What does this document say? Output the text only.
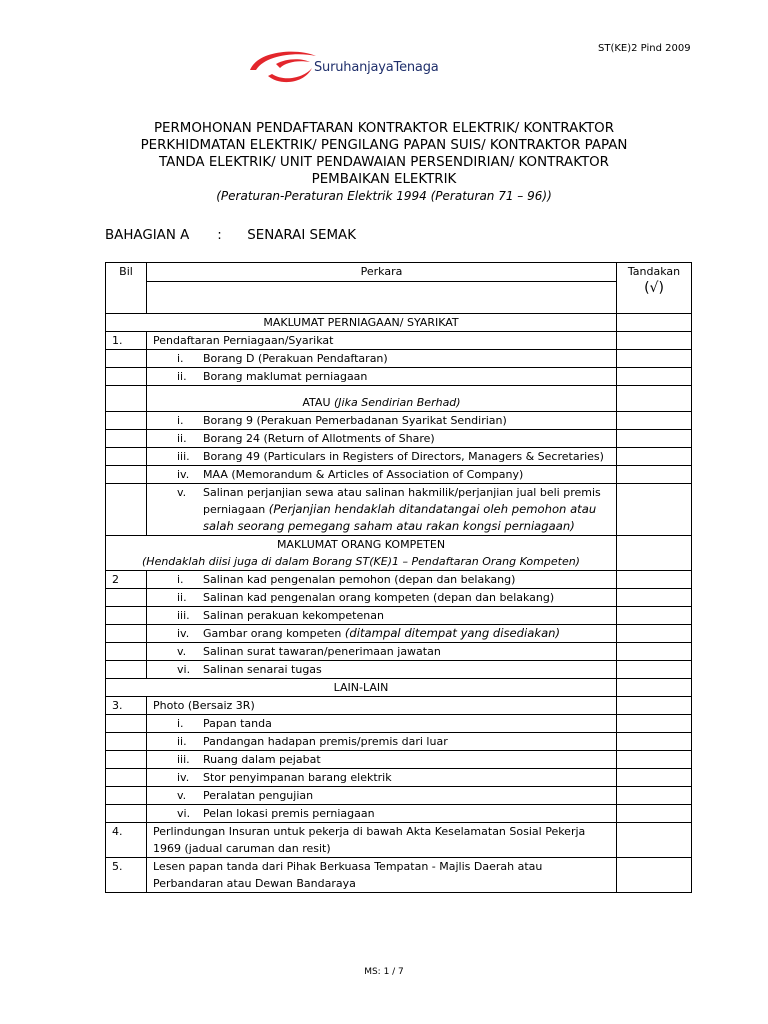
ST(KE)2 Pind 2009
SuruhanjayaTenaga
PERMOHONAN PENDAFTARAN KONTRAKTOR ELEKTRIK/ KONTRAKTOR
PERKHIDMATAN ELEKTRIK/ PENGILANG PAPAN SUIS/ KONTRAKTOR PAPAN
TANDA ELEKTRIK/ UNIT PENDAWAIAN PERSENDIRIAN/ KONTRAKTOR
PEMBAIKAN ELEKTRIK
(Peraturan-Peraturan Elektrik 1994 (Peraturan 71 – 96))
BAHAGIAN A : SENARAI SEMAK
Bil	Perkara	Tandakan
(√)

MAKLUMAT PERNIAGAAN/ SYARIKAT		
1.	Pendaftaran Perniagaan/Syarikat	

	i. Borang D (Perakuan Pendaftaran)	

	ii. Borang maklumat perniagaan	

	ATAU (Jika Sendirian Berhad)	

	i. Borang 9 (Perakuan Pemerbadanan Syarikat Sendirian)	

	ii. Borang 24 (Return of Allotments of Share)	

	iii. Borang 49 (Particulars in Registers of Directors, Managers & Secretaries)	

	iv. MAA (Memorandum & Articles of Association of Company)	

	v. Salinan perjanjian sewa atau salinan hakmilik/perjanjian jual beli premis perniagaan (Perjanjian hendaklah ditandatangai oleh pemohon atau salah seorang pemegang saham atau rakan kongsi perniagaan)	

MAKLUMAT ORANG KOMPETEN
(Hendaklah diisi juga di dalam Borang ST(KE)1 – Pendaftaran Orang Kompeten)		

2	i. Salinan kad pengenalan pemohon (depan dan belakang)	

	ii. Salinan kad pengenalan orang kompeten (depan dan belakang)	

	iii. Salinan perakuan kekompetenan	

	iv. Gambar orang kompeten (ditampal ditempat yang disediakan)	

	v. Salinan surat tawaran/penerimaan jawatan	

	vi. Salinan senarai tugas	

LAIN-LAIN		
3.	Photo (Bersaiz 3R)	

	i. Papan tanda	

	ii. Pandangan hadapan premis/premis dari luar	

	iii. Ruang dalam pejabat	

	iv. Stor penyimpanan barang elektrik	

	v. Peralatan pengujian	

	vi. Pelan lokasi premis perniagaan	

4.	Perlindungan Insuran untuk pekerja di bawah Akta Keselamatan Sosial Pekerja 1969 (jadual caruman dan resit)	
5.	Lesen papan tanda dari Pihak Berkuasa Tempatan - Majlis Daerah atau Perbandaran atau Dewan Bandaraya	
MS: 1 / 7
